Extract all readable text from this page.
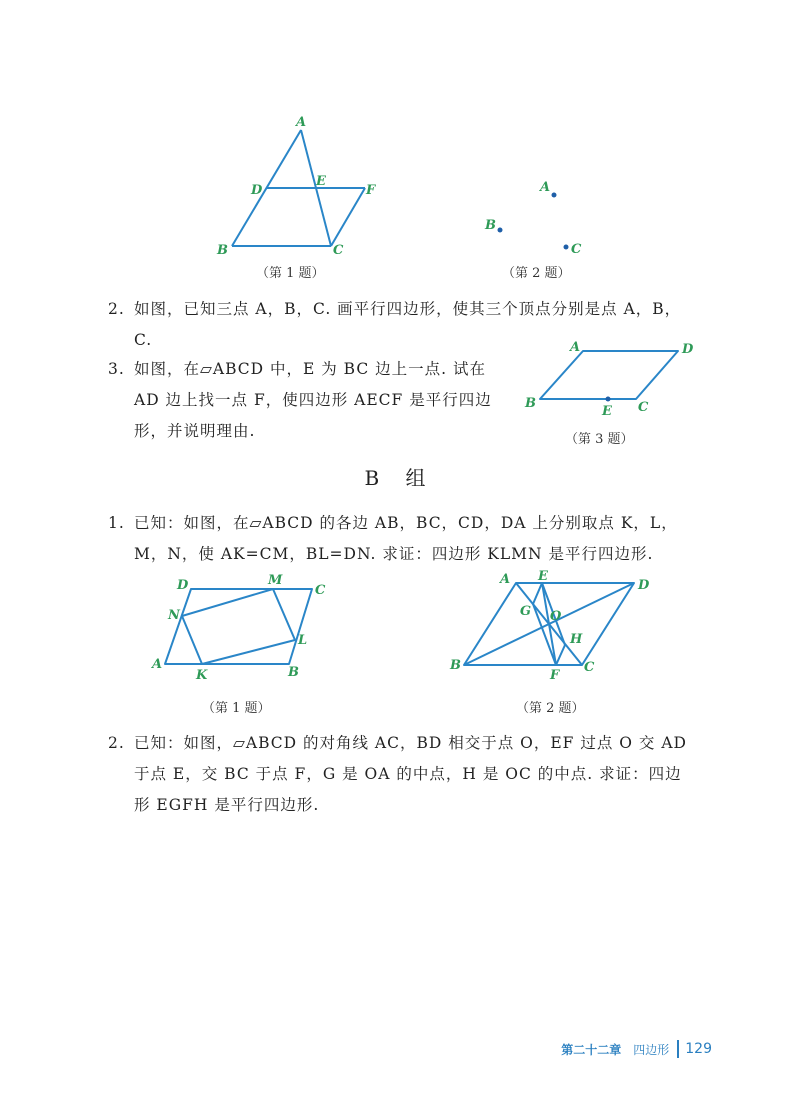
A
D
E
F
B	C
（第 1 题）
A
B
C
（第 2 题）
2. 如图，已知三点 A，B，C. 画平行四边形，使其三个顶点分别是点 A，B，C.
3. 如图，在▱ABCD 中，E 为 BC 边上一点. 试在 AD 边上找一点 F，使四边形 AECF 是平行四边形，并说明理由.
A	D
B
E C
（第 3 题）
B 组
1. 已知：如图，在▱ABCD 的各边 AB，BC，CD，DA 上分别取点 K，L，M，N，使 AK=CM，BL=DN. 求证：四边形 KLMN 是平行四边形.
D	M
C
N
L
A
K	B
（第 1 题）
A E
D
G O
H
B
F
C
（第 2 题）
2. 已知：如图，▱ABCD 的对角线 AC，BD 相交于点 O，EF 过点 O 交 AD 于点 E，交 BC 于点 F，G 是 OA 的中点，H 是 OC 的中点. 求证：四边形 EGFH 是平行四边形.
第二十二章 四边形 129
